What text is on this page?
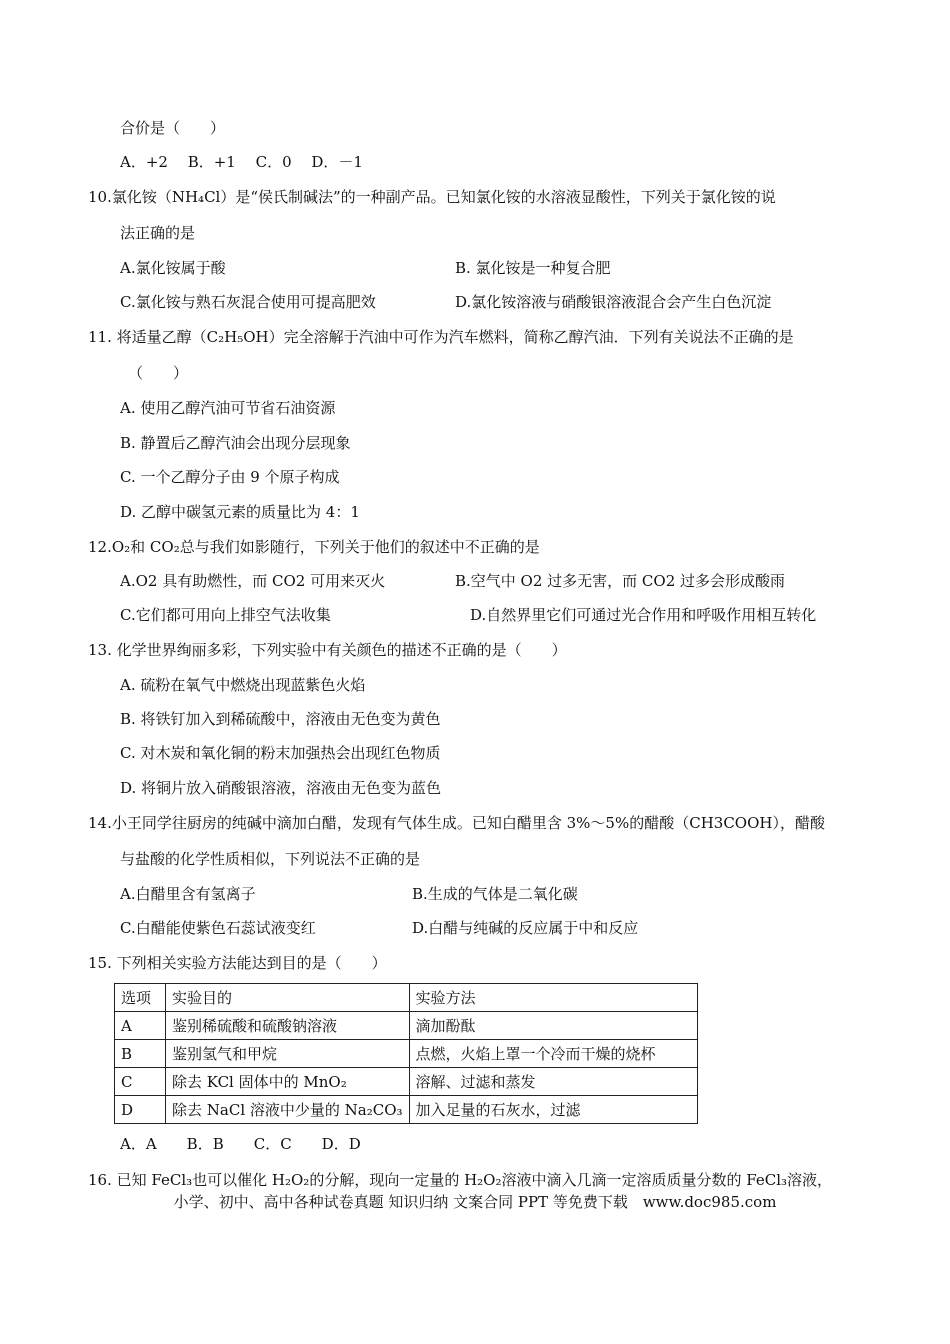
合价是（　　）
A．+2　 B．+1　 C．0　 D．－1
10.氯化铵（NH₄Cl）是“侯氏制碱法”的一种副产品。已知氯化铵的水溶液显酸性，下列关于氯化铵的说
法正确的是
A.氯化铵属于酸	B. 氯化铵是一种复合肥
C.氯化铵与熟石灰混合使用可提高肥效	D.氯化铵溶液与硝酸银溶液混合会产生白色沉淀
11. 将适量乙醇（C₂H₅OH）完全溶解于汽油中可作为汽车燃料，简称乙醇汽油．下列有关说法不正确的是
（　　）
A. 使用乙醇汽油可节省石油资源
B. 静置后乙醇汽油会出现分层现象
C. 一个乙醇分子由 9 个原子构成
D. 乙醇中碳氢元素的质量比为 4：1
12.O₂和 CO₂总与我们如影随行，下列关于他们的叙述中不正确的是
A.O2 具有助燃性，而 CO2 可用来灭火	B.空气中 O2 过多无害，而 CO2 过多会形成酸雨
C.它们都可用向上排空气法收集	D.自然界里它们可通过光合作用和呼吸作用相互转化
13. 化学世界绚丽多彩，下列实验中有关颜色的描述不正确的是（　　）
A. 硫粉在氧气中燃烧出现蓝紫色火焰
B. 将铁钉加入到稀硫酸中，溶液由无色变为黄色
C. 对木炭和氧化铜的粉末加强热会出现红色物质
D. 将铜片放入硝酸银溶液，溶液由无色变为蓝色
14.小王同学往厨房的纯碱中滴加白醋，发现有气体生成。已知白醋里含 3%～5%的醋酸（CH3COOH），醋酸
与盐酸的化学性质相似，下列说法不正确的是
A.白醋里含有氢离子	B.生成的气体是二氧化碳
C.白醋能使紫色石蕊试液变红	D.白醋与纯碱的反应属于中和反应
15. 下列相关实验方法能达到目的是（　　）
选项	实验目的	实验方法
A	鉴别稀硫酸和硫酸钠溶液	滴加酚酞
B	鉴别氢气和甲烷	点燃，火焰上罩一个冷而干燥的烧杯
C	除去 KCl 固体中的 MnO₂	溶解、过滤和蒸发
D	除去 NaCl 溶液中少量的 Na₂CO₃	加入足量的石灰水，过滤
A．A　　B．B　　C．C　　D．D
16. 已知 FeCl₃也可以催化 H₂O₂的分解，现向一定量的 H₂O₂溶液中滴入几滴一定溶质质量分数的 FeCl₃溶液，
小学、初中、高中各种试卷真题 知识归纳 文案合同 PPT 等免费下载　www.doc985.com
